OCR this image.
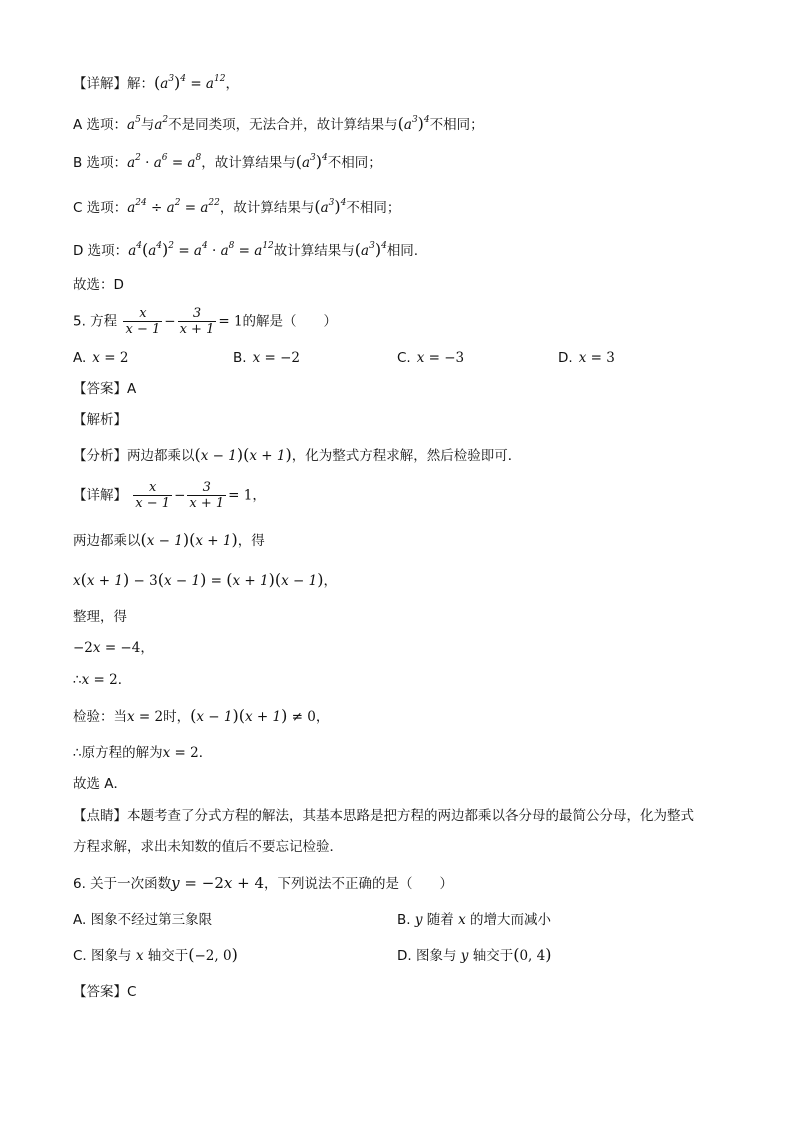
【详解】解：$(a^3)^4 = a^{12}$，
A 选项：$a^5$与$a^2$不是同类项，无法合并，故计算结果与$(a^3)^4$不相同；
B 选项：$a^2 \cdot a^6 = a^8$，故计算结果与$(a^3)^4$不相同；
C 选项：$a^{24} \div a^2 = a^{22}$，故计算结果与$(a^3)^4$不相同；
D 选项：$a^4(a^4)^2 = a^4 \cdot a^8 = a^{12}$故计算结果与$(a^3)^4$相同.
故选：D
5. 方程 $\frac{x}{x - 1} - \frac{3}{x + 1} = 1$的解是（　　）
A. x = 2	B. x = −2	C. x = −3	D. x = 3
【答案】A
【解析】
【分析】两边都乘以(x − 1)(x + 1)，化为整式方程求解，然后检验即可．
【详解】 $\frac{x}{x - 1} - \frac{3}{x + 1} = 1$，
两边都乘以(x − 1)(x + 1)，得
x(x + 1) − 3(x − 1) = (x + 1)(x − 1)，
整理，得
−2x = −4，
∴x = 2．
检验：当x = 2时，(x − 1)(x + 1) ≠ 0，
∴原方程的解为x = 2．
故选 A．
【点睛】本题考查了分式方程的解法，其基本思路是把方程的两边都乘以各分母的最简公分母，化为整式
方程求解，求出未知数的值后不要忘记检验．
6. 关于一次函数y = −2x + 4，下列说法不正确的是（　　）
A. 图象不经过第三象限	B. y 随着 x 的增大而减小
C. 图象与 x 轴交于(−2, 0)	D. 图象与 y 轴交于(0, 4)
【答案】C
